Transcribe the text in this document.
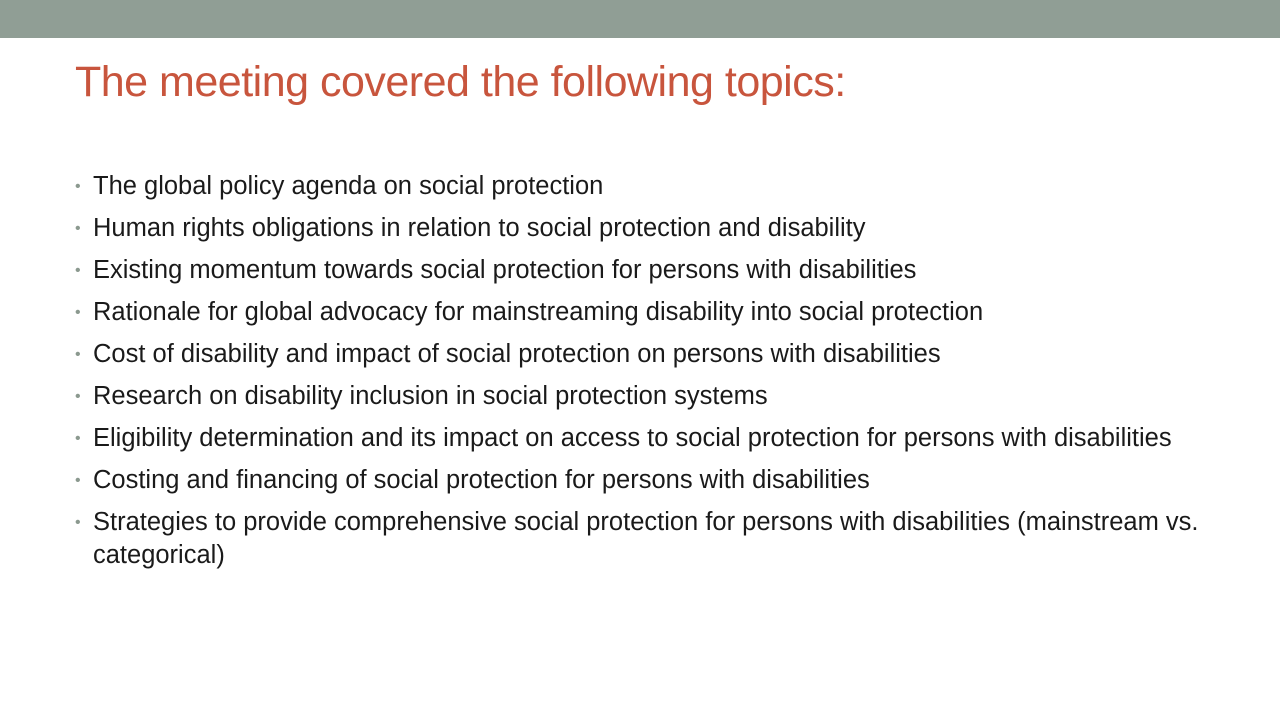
The meeting covered the following topics:
• The global policy agenda on social protection
• Human rights obligations in relation to social protection and disability
• Existing momentum towards social protection for persons with disabilities
• Rationale for global advocacy for mainstreaming disability into social protection
• Cost of disability and impact of social protection on persons with disabilities
• Research on disability inclusion in social protection systems
• Eligibility determination and its impact on access to social protection for persons with disabilities
• Costing and financing of social protection for persons with disabilities
• Strategies to provide comprehensive social protection for persons with disabilities (mainstream vs. categorical)
